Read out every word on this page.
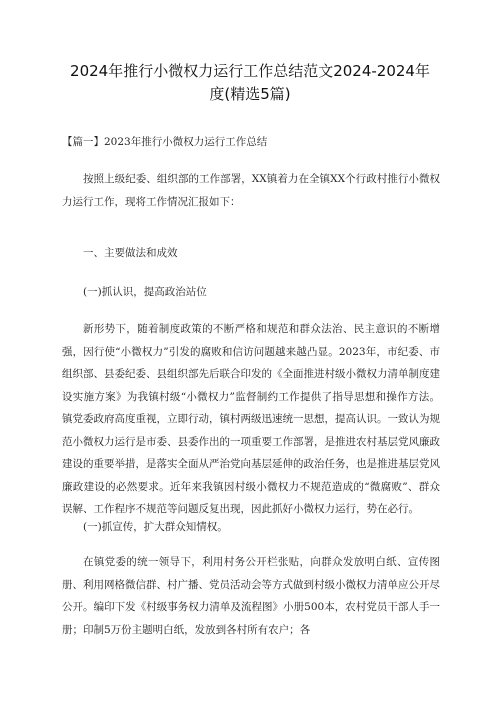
2024年推行小微权力运行工作总结范文2024-2024年
度(精选5篇)
【篇一】2023年推行小微权力运行工作总结
按照上级纪委、组织部的工作部署，XX镇着力在全镇XX个行政村推行小微权力运行工作，现将工作情况汇报如下：
一、主要做法和成效
(一)抓认识，提高政治站位
新形势下，随着制度政策的不断严格和规范和群众法治、民主意识的不断增强，因行使“小微权力”引发的腐败和信访问题越来越凸显。2023年，市纪委、市组织部、县委纪委、县组织部先后联合印发的《全面推进村级小微权力清单制度建设实施方案》为我镇村级“小微权力”监督制约工作提供了指导思想和操作方法。镇党委政府高度重视，立即行动，镇村两级迅速统一思想，提高认识。一致认为规范小微权力运行是市委、县委作出的一项重要工作部署，是推进农村基层党风廉政建设的重要举措，是落实全面从严治党向基层延伸的政治任务，也是推进基层党风廉政建设的必然要求。近年来我镇因村级小微权力不规范造成的“微腐败”、群众误解、工作程序不规范等问题反复出现，因此抓好小微权力运行，势在必行。
(一)抓宣传，扩大群众知情权。
在镇党委的统一领导下，利用村务公开栏张贴，向群众发放明白纸、宣传图册、利用网格微信群、村广播、党员活动会等方式做到村级小微权力清单应公开尽公开。编印下发《村级事务权力清单及流程图》小册500本，农村党员干部人手一册；印制5万份主题明白纸，发放到各村所有农户；各
